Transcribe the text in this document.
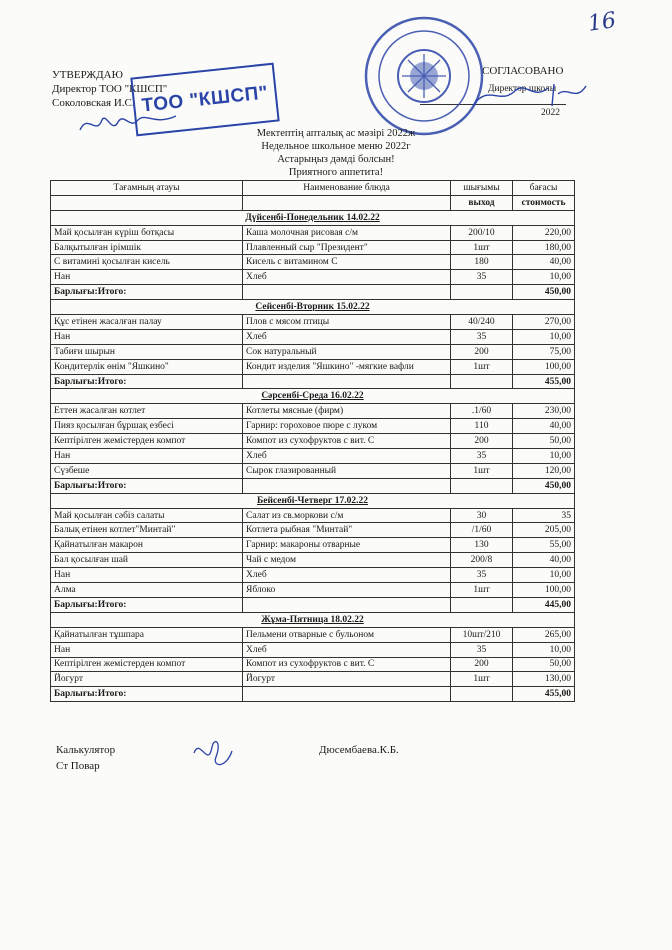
16
УТВЕРЖДАЮ
Директор ТОО "КШСП"
Соколовская И.С. ТОО "КШСП"
СОГЛАСОВАНО
Директор школы
2022
Мектептің апталық ас мәзірі 2022ж
Недельное школьное меню 2022г
Астарыңыз дәмді болсын!
Приятного аппетита!
Тағамның атауы	Наименование блюда	шығымы	бағасы
		выход	стоимость
Дүйсенбі-Понедельник 14.02.22			
Май қосылған күріш ботқасы	Каша молочная рисовая с/м	200/10	220,00
Балқытылған ірімшік	Плавленный сыр "Президент"	1шт	180,00
С витамині қосылған кисель	Кисель с витамином С	180	40,00
Нан	Хлеб	35	10,00
Барлығы:Итого:			450,00
Сейсенбі-Вторник 15.02.22			
Құс етінен жасалған палау	Плов с мясом птицы	40/240	270,00
Нан	Хлеб	35	10,00
Табиғи шырын	Сок натуральный	200	75,00
Кондитерлік өнім "Яшкино"	Кондит изделия "Яшкино" -мягкие вафли	1шт	100,00
Барлығы:Итого:			455,00
Сәрсенбі-Среда 16.02.22			
Еттен жасалған котлет	Котлеты мясные (фирм)	.1/60	230,00
Пияз қосылған бұршақ езбесі	Гарнир: гороховое пюре с луком	110	40,00
Кептірілген жемістерден компот	Компот из сухофруктов с вит. С	200	50,00
Нан	Хлеб	35	10,00
Сүзбеше	Сырок глазированный	1шт	120,00
Барлығы:Итого:			450,00
Бейсенбі-Четверг 17.02.22			
Май қосылған сәбіз салаты	Салат из св.моркови с/м	30	35
Балық етінен котлет"Минтай"	Котлета рыбная "Минтай"	/1/60	205,00
Қайнатылған макарон	Гарнир: макароны отварные	130	55,00
Бал қосылған шай	Чай с медом	200/8	40,00
Нан	Хлеб	35	10,00
Алма	Яблоко	1шт	100,00
Барлығы:Итого:			445,00
Жұма-Пятница 18.02.22			
Қайнатылған тұшпара	Пельмени отварные с бульоном	10шт/210	265,00
Нан	Хлеб	35	10,00
Кептірілген жемістерден компот	Компот из сухофруктов с вит. С	200	50,00
Йогурт	Йогурт	1шт	130,00
Барлығы:Итого:			455,00
Калькулятор	Дюсембаева.К.Б.
Ст Повар
